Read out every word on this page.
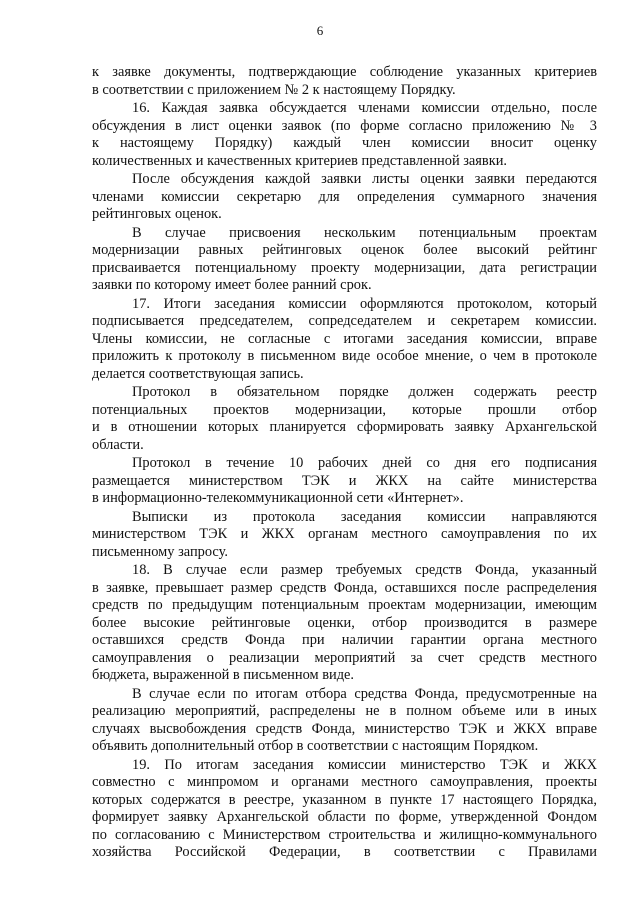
6
к заявке документы, подтверждающие соблюдение указанных критериев
в соответствии с приложением № 2 к настоящему Порядку.
16. Каждая заявка обсуждается членами комиссии отдельно, после
обсуждения в лист оценки заявок (по форме согласно приложению № 3
к настоящему Порядку) каждый член комиссии вносит оценку
количественных и качественных критериев представленной заявки.
После обсуждения каждой заявки листы оценки заявки передаются
членами комиссии секретарю для определения суммарного значения
рейтинговых оценок.
В случае присвоения нескольким потенциальным проектам
модернизации равных рейтинговых оценок более высокий рейтинг
присваивается потенциальному проекту модернизации, дата регистрации
заявки по которому имеет более ранний срок.
17. Итоги заседания комиссии оформляются протоколом, который
подписывается председателем, сопредседателем и секретарем комиссии.
Члены комиссии, не согласные с итогами заседания комиссии, вправе
приложить к протоколу в письменном виде особое мнение, о чем в протоколе
делается соответствующая запись.
Протокол в обязательном порядке должен содержать реестр
потенциальных проектов модернизации, которые прошли отбор
и в отношении которых планируется сформировать заявку Архангельской
области.
Протокол в течение 10 рабочих дней со дня его подписания
размещается министерством ТЭК и ЖКХ на сайте министерства
в информационно-телекоммуникационной сети «Интернет».
Выписки из протокола заседания комиссии направляются
министерством ТЭК и ЖКХ органам местного самоуправления по их
письменному запросу.
18. В случае если размер требуемых средств Фонда, указанный
в заявке, превышает размер средств Фонда, оставшихся после распределения
средств по предыдущим потенциальным проектам модернизации, имеющим
более высокие рейтинговые оценки, отбор производится в размере
оставшихся средств Фонда при наличии гарантии органа местного
самоуправления о реализации мероприятий за счет средств местного
бюджета, выраженной в письменном виде.
В случае если по итогам отбора средства Фонда, предусмотренные на
реализацию мероприятий, распределены не в полном объеме или в иных
случаях высвобождения средств Фонда, министерство ТЭК и ЖКХ вправе
объявить дополнительный отбор в соответствии с настоящим Порядком.
19. По итогам заседания комиссии министерство ТЭК и ЖКХ
совместно с минпромом и органами местного самоуправления, проекты
которых содержатся в реестре, указанном в пункте 17 настоящего Порядка,
формирует заявку Архангельской области по форме, утвержденной Фондом
по согласованию с Министерством строительства и жилищно-коммунального
хозяйства Российской Федерации, в соответствии с Правилами
